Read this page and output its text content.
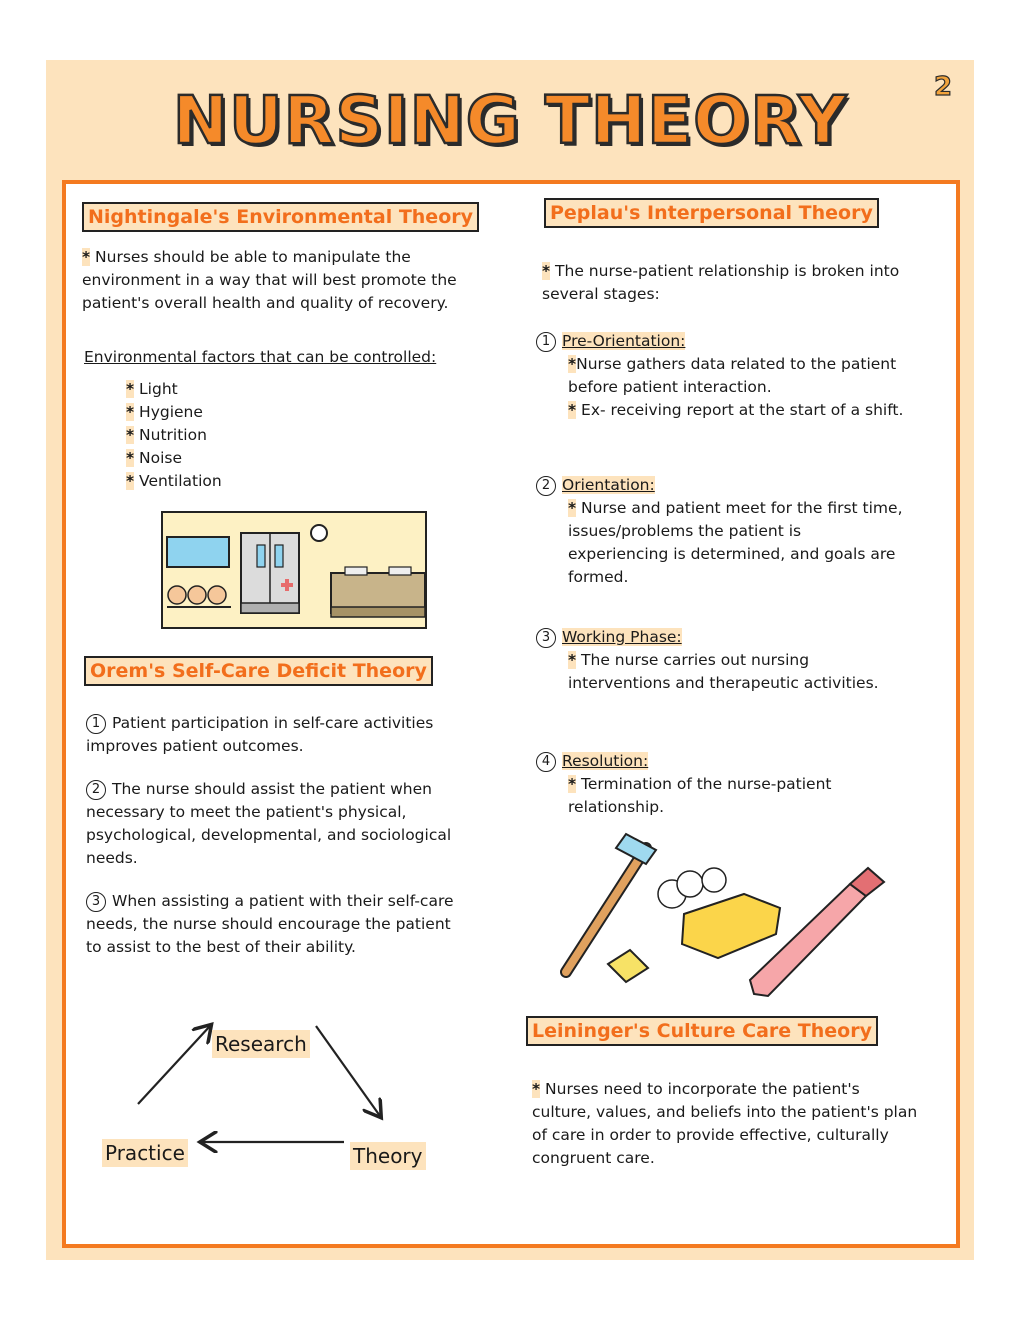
NURSING THEORY	2
Nightingale's Environmental Theory
* Nurses should be able to manipulate the environment in a way that will best promote the patient's overall health and quality of recovery.
Environmental factors that can be controlled:
* Light
* Hygiene
* Nutrition
* Noise
* Ventilation
Orem's Self-Care Deficit Theory
1 Patient participation in self-care activities improves patient outcomes.
2 The nurse should assist the patient when necessary to meet the patient's physical, psychological, developmental, and sociological needs.
3 When assisting a patient with their self-care needs, the nurse should encourage the patient to assist to the best of their ability.
Research
Theory
Practice
Peplau's Interpersonal Theory
* The nurse-patient relationship is broken into several stages:
1 Pre-Orientation:
*Nurse gathers data related to the patient before patient interaction.
* Ex- receiving report at the start of a shift.
2 Orientation:
* Nurse and patient meet for the first time, issues/problems the patient is experiencing is determined, and goals are formed.
3 Working Phase:
* The nurse carries out nursing interventions and therapeutic activities.
4 Resolution:
* Termination of the nurse-patient relationship.
Leininger's Culture Care Theory
* Nurses need to incorporate the patient's culture, values, and beliefs into the patient's plan of care in order to provide effective, culturally congruent care.
